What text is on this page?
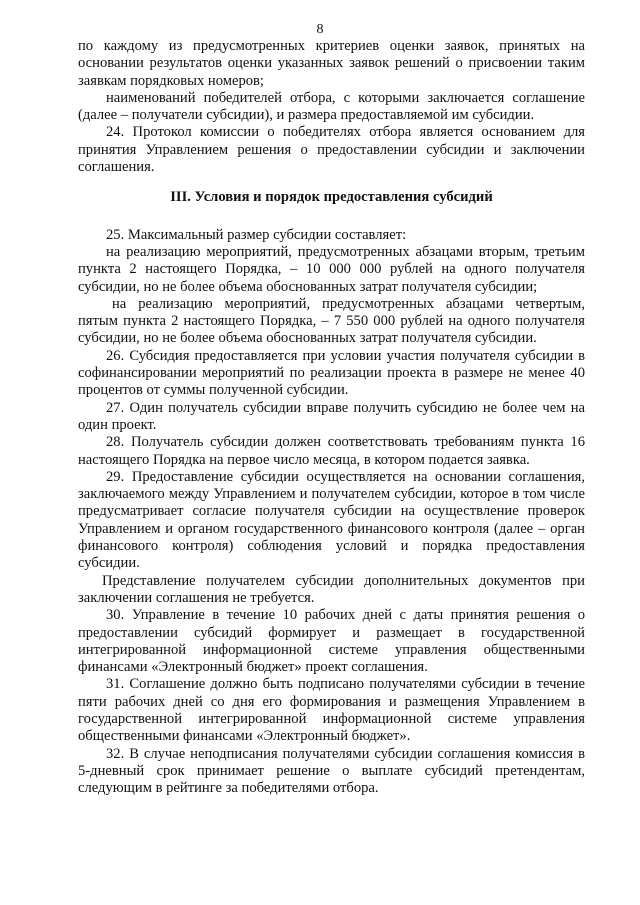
8

по каждому из предусмотренных критериев оценки заявок, принятых на основании результатов оценки указанных заявок решений о присвоении таким заявкам порядковых номеров;

наименований победителей отбора, с которыми заключается соглашение (далее – получатели субсидии), и размера предоставляемой им субсидии.

24. Протокол комиссии о победителях отбора является основанием для принятия Управлением решения о предоставлении субсидии и заключении соглашения.

III. Условия и порядок предоставления субсидий

25. Максимальный размер субсидии составляет:

на реализацию мероприятий, предусмотренных абзацами вторым, третьим пункта 2 настоящего Порядка, – 10 000 000 рублей на одного получателя субсидии, но не более объема обоснованных затрат получателя субсидии;

на реализацию мероприятий, предусмотренных абзацами четвертым, пятым пункта 2 настоящего Порядка, – 7 550 000 рублей на одного получателя субсидии, но не более объема обоснованных затрат получателя субсидии.

26. Субсидия предоставляется при условии участия получателя субсидии в софинансировании мероприятий по реализации проекта в размере не менее 40 процентов от суммы полученной субсидии.

27. Один получатель субсидии вправе получить субсидию не более чем на один проект.

28. Получатель субсидии должен соответствовать требованиям пункта 16 настоящего Порядка на первое число месяца, в котором подается заявка.

29. Предоставление субсидии осуществляется на основании соглашения, заключаемого между Управлением и получателем субсидии, которое в том числе предусматривает согласие получателя субсидии на осуществление проверок Управлением и органом государственного финансового контроля (далее – орган финансового контроля) соблюдения условий и порядка предоставления субсидии.

Представление получателем субсидии дополнительных документов при заключении соглашения не требуется.

30. Управление в течение 10 рабочих дней с даты принятия решения о предоставлении субсидий формирует и размещает в государственной интегрированной информационной системе управления общественными финансами «Электронный бюджет» проект соглашения.

31. Соглашение должно быть подписано получателями субсидии в течение пяти рабочих дней со дня его формирования и размещения Управлением в государственной интегрированной информационной системе управления общественными финансами «Электронный бюджет».

32. В случае неподписания получателями субсидии соглашения комиссия в 5-дневный срок принимает решение о выплате субсидий претендентам, следующим в рейтинге за победителями отбора.
